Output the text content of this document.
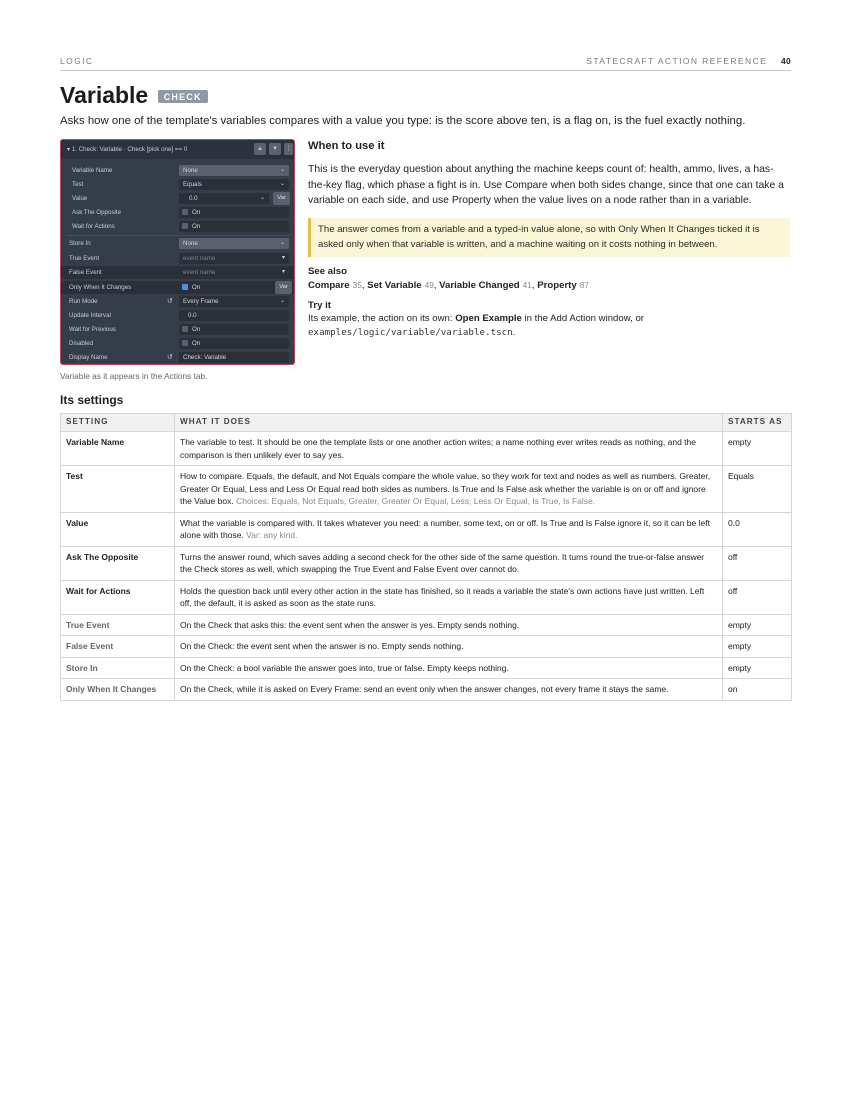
LOGIC	STATECRAFT ACTION REFERENCE 40
Variable CHECK
Asks how one of the template's variables compares with a value you type: is the score above ten, is a flag on, is the fuel exactly nothing.
▾ 1. Check: Variable · Check [pick one] == 0	▲	▼	⋮
Variable Name	None	⌄
Test	Equals	⌄
Value	0.0	⌄	Var
Ask The Opposite	On
Wait for Actions	On
Store In	None	⌄
True Event	event name	▾
False Event	event name	▾
Only When It Changes	On	Var
Run Mode	↺ Every Frame	⌄
Update Interval	0.0
Wait for Previous	On
Disabled	On
Display Name	↺ Check: Variable
Variable as it appears in the Actions tab.
When to use it
This is the everyday question about anything the machine keeps count of: health, ammo, lives, a has-the-key flag, which phase a fight is in. Use Compare when both sides change, since that one can take a variable on each side, and use Property when the value lives on a node rather than in a variable.
The answer comes from a variable and a typed-in value alone, so with Only When It Changes ticked it is asked only when that variable is written, and a machine waiting on it costs nothing in between.
See also
Compare 35, Set Variable 49, Variable Changed 41, Property 87
Try it
Its example, the action on its own: Open Example in the Add Action window, or
examples/logic/variable/variable.tscn.
Its settings
SETTING	WHAT IT DOES	STARTS AS
Variable Name	The variable to test. It should be one the template lists or one another action writes; a name nothing ever writes reads as nothing, and the comparison is then unlikely ever to say yes.	empty
Test	How to compare. Equals, the default, and Not Equals compare the whole value, so they work for text and nodes as well as numbers. Greater, Greater Or Equal, Less and Less Or Equal read both sides as numbers. Is True and Is False ask whether the variable is on or off and ignore the Value box. Choices: Equals, Not Equals, Greater, Greater Or Equal, Less, Less Or Equal, Is True, Is False.	Equals
Value	What the variable is compared with. It takes whatever you need: a number, some text, on or off. Is True and Is False ignore it, so it can be left alone with those. Var: any kind.	0.0
Ask The Opposite	Turns the answer round, which saves adding a second check for the other side of the same question. It turns round the true-or-false answer the Check stores as well, which swapping the True Event and False Event over cannot do.	off
Wait for Actions	Holds the question back until every other action in the state has finished, so it reads a variable the state's own actions have just written. Left off, the default, it is asked as soon as the state runs.	off
True Event	On the Check that asks this: the event sent when the answer is yes. Empty sends nothing.	empty
False Event	On the Check: the event sent when the answer is no. Empty sends nothing.	empty
Store In	On the Check: a bool variable the answer goes into, true or false. Empty keeps nothing.	empty
Only When It Changes	On the Check, while it is asked on Every Frame: send an event only when the answer changes, not every frame it stays the same.	on
